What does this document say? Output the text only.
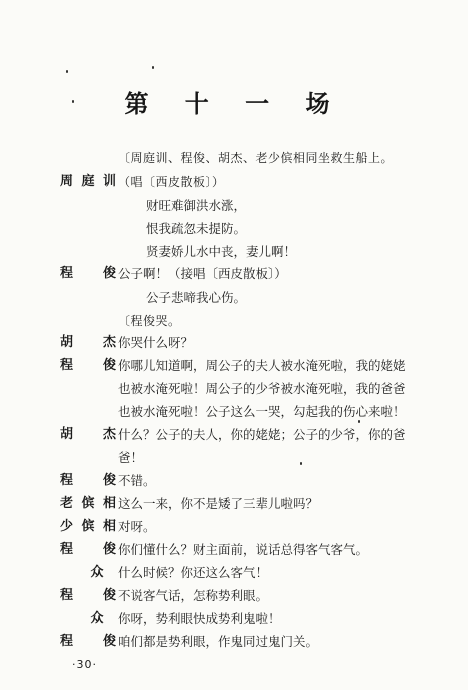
第 十 一 场
〔周庭训、程俊、胡杰、老少傧相同坐救生船上。
周庭训 （唱〔西皮散板〕）
财旺难御洪水涨，
恨我疏忽未提防。
贤妻娇儿水中丧，妻儿啊！
程　俊 公子啊！（接唱〔西皮散板〕）
公子悲啼我心伤。
〔程俊哭。
胡　杰 你哭什么呀？
程　俊 你哪儿知道啊，周公子的夫人被水淹死啦，我的姥姥
也被水淹死啦！周公子的少爷被水淹死啦，我的爸爸
也被水淹死啦！公子这么一哭，勾起我的伤心来啦！
胡　杰 什么？公子的夫人，你的姥姥；公子的少爷，你的爸
爸！
程　俊 不错。
老傧相 这么一来，你不是矮了三辈儿啦吗？
少傧相 对呀。
程　俊 你们懂什么？财主面前，说话总得客气客气。
众	什么时候？你还这么客气！
程　俊 不说客气话，怎称势利眼。
众	你呀，势利眼快成势利鬼啦！
程　俊 咱们都是势利眼，作鬼同过鬼门关。
·30·
